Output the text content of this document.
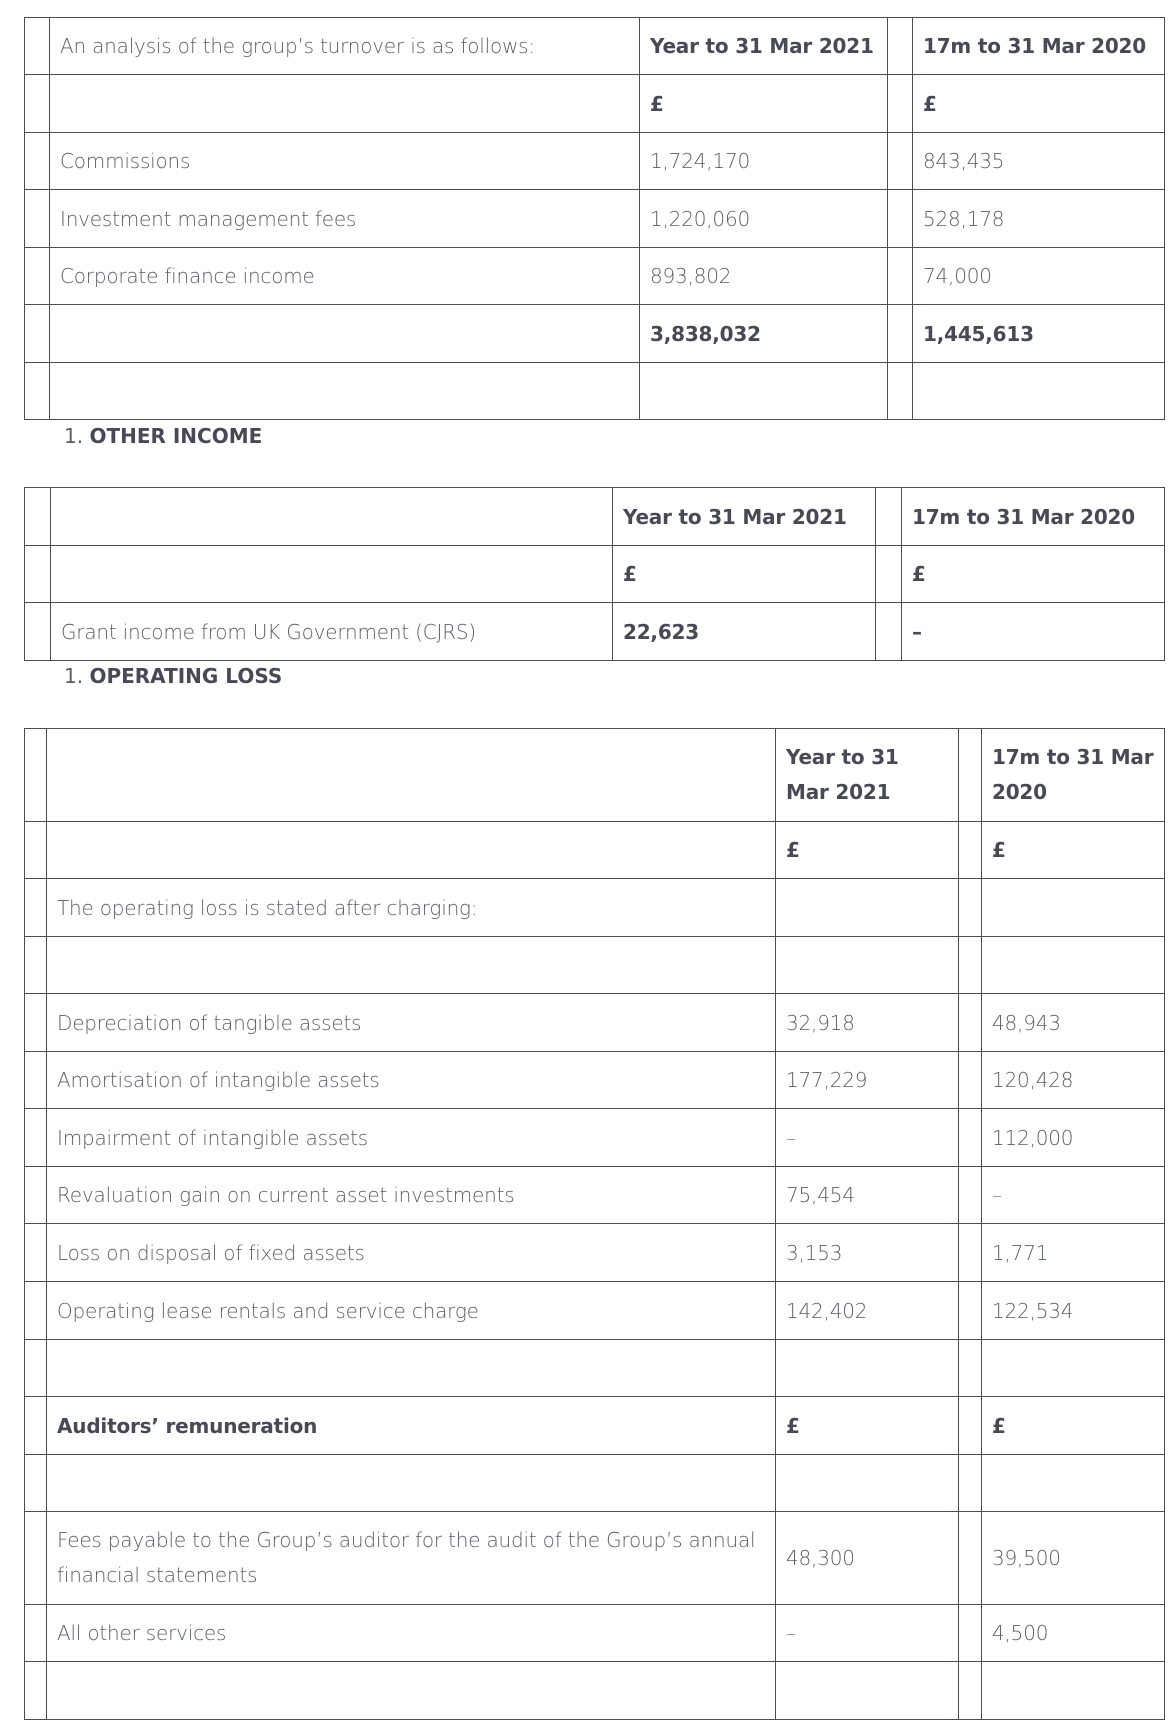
	An analysis of the group’s turnover is as follows:	Year to 31 Mar 2021		17m to 31 Mar 2020
		£		£
	Commissions	1,724,170		843,435
	Investment management fees	1,220,060		528,178
	Corporate finance income	893,802		74,000
		3,838,032		1,445,613

1. OTHER INCOME
		Year to 31 Mar 2021		17m to 31 Mar 2020
		£		£
	Grant income from UK Government (CJRS)	22,623		–
1. OPERATING LOSS
		Year to 31 Mar 2021		17m to 31 Mar 2020
		£		£
	The operating loss is stated after charging:			

	Depreciation of tangible assets	32,918		48,943
	Amortisation of intangible assets	177,229		120,428
	Impairment of intangible assets	–		112,000
	Revaluation gain on current asset investments	75,454		–
	Loss on disposal of fixed assets	3,153		1,771
	Operating lease rentals and service charge	142,402		122,534

	Auditors’ remuneration	£		£

	Fees payable to the Group’s auditor for the audit of the Group’s annual financial statements	48,300		39,500
	All other services	–		4,500
